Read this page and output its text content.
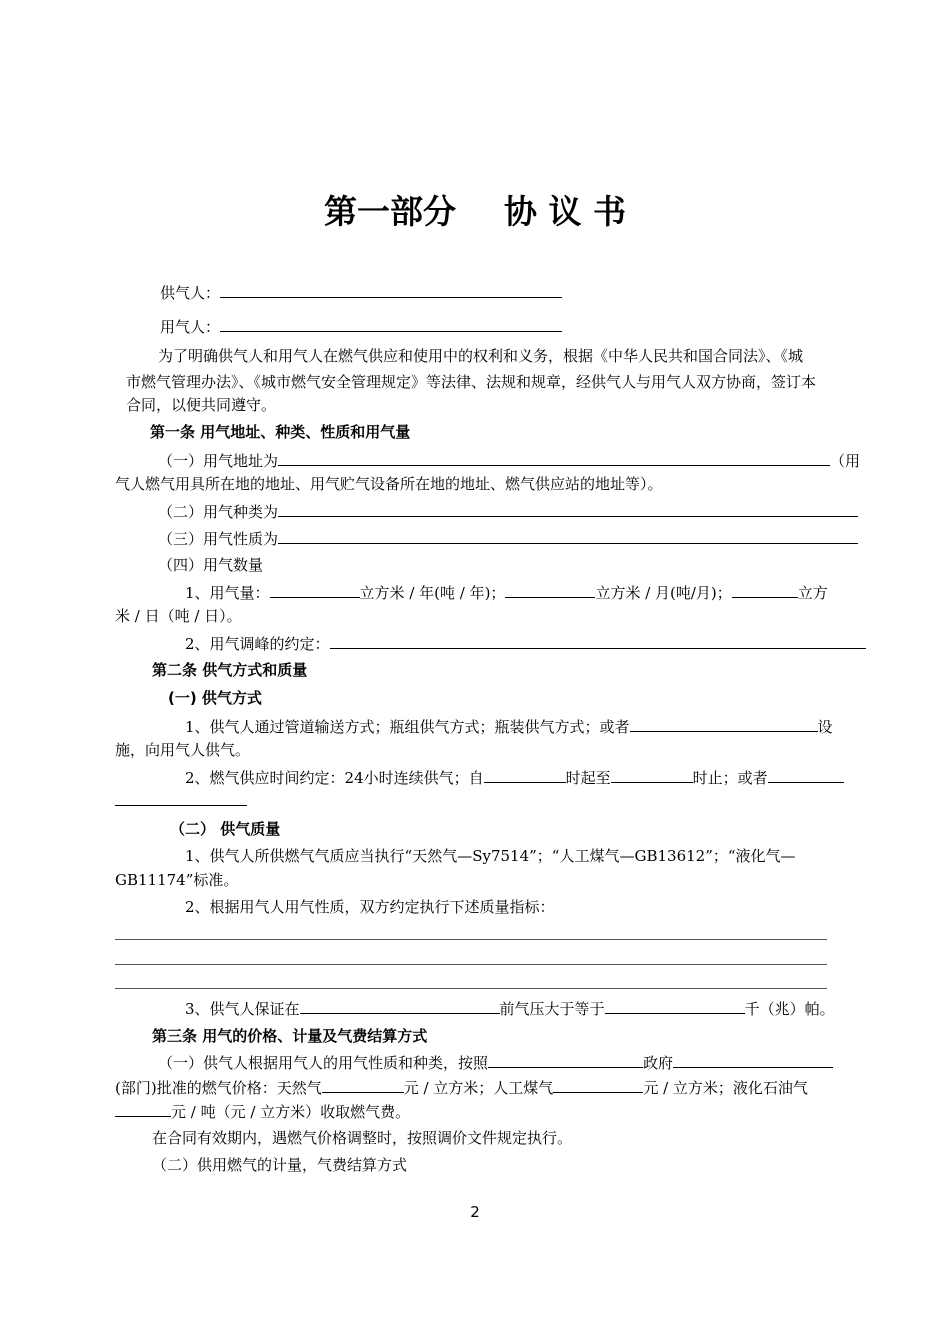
第一部分 协 议 书
供气人：
用气人：
为了明确供气人和用气人在燃气供应和使用中的权利和义务，根据《中华人民共和国合同法》、《城
市燃气管理办法》、《城市燃气安全管理规定》等法律、法规和规章，经供气人与用气人双方协商，签订本
合同，以便共同遵守。
第一条 用气地址、种类、性质和用气量
（一）用气地址为	（用
气人燃气用具所在地的地址、用气贮气设备所在地的地址、燃气供应站的地址等）。
（二）用气种类为
（三）用气性质为
（四）用气数量
1、用气量：	立方米 / 年(吨 / 年)；	立方米 / 月(吨/月)；	立方
米 / 日（吨 / 日）。
2、用气调峰的约定：
第二条 供气方式和质量
(一) 供气方式
1、供气人通过管道输送方式；瓶组供气方式；瓶装供气方式；或者	设
施，向用气人供气。
2、燃气供应时间约定：24小时连续供气；自	时起至	时止；或者
（二） 供气质量
1、供气人所供燃气气质应当执行“天然气—Sy7514”；“人工煤气—GB13612”；“液化气—
GB11174”标准。
2、根据用气人用气性质，双方约定执行下述质量指标：
3、供气人保证在	前气压大于等于	千（兆）帕。
第三条 用气的价格、计量及气费结算方式
（一）供气人根据用气人的用气性质和种类，按照	政府
(部门)批准的燃气价格：天然气	元 / 立方米；人工煤气	元 / 立方米；液化石油气
元 / 吨（元 / 立方米）收取燃气费。
在合同有效期内，遇燃气价格调整时，按照调价文件规定执行。
（二）供用燃气的计量，气费结算方式
2
